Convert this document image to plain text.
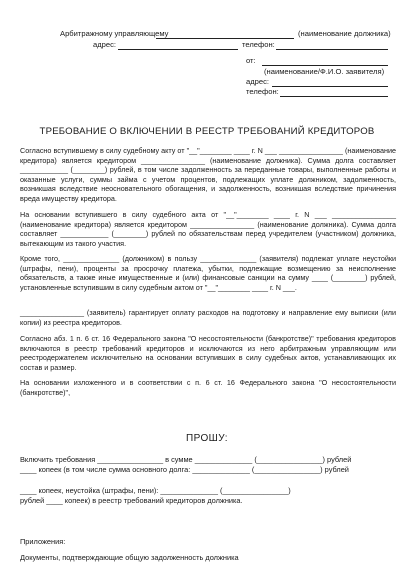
Арбитражному управляющему	(наименование должника)
адрес:	телефон:
от:
(наименование/Ф.И.О. заявителя)
адрес:
телефон:
ТРЕБОВАНИЕ О ВКЛЮЧЕНИИ В РЕЕСТР ТРЕБОВАНИЙ КРЕДИТОРОВ
Согласно вступившему в силу судебному акту от "__"________ ____ г. N ___ ________________ (наименование кредитора) является кредитором ________________ (наименование должника). Сумма долга составляет ____________ (________) рублей, в том числе задолженность за переданные товары, выполненные работы и оказанные услуги, суммы займа с учетом процентов, подлежащих уплате должником, задолженность, возникшая вследствие неосновательного обогащения, и задолженность, возникшая вследствие причинения вреда имуществу кредитора.
На основании вступившего в силу судебного акта от "__"________ ____ г. N ___ ________________ (наименование кредитора) является кредитором ________________ (наименование должника). Сумма долга составляет ____________ (________) рублей по обязательствам перед учредителем (участником) должника, вытекающим из такого участия.
Кроме того, ______________ (должником) в пользу ______________ (заявителя) подлежат уплате неустойки (штрафы, пени), проценты за просрочку платежа, убытки, подлежащие возмещению за неисполнение обязательств, а также иные имущественные и (или) финансовые санкции на сумму ____ (________) рублей, установленные вступившим в силу судебным актом от "__"________ ____ г. N ___.
________________ (заявитель) гарантирует оплату расходов на подготовку и направление ему выписки (или копии) из реестра кредиторов.
Согласно абз. 1 п. 6 ст. 16 Федерального закона "О несостоятельности (банкротстве)" требования кредиторов включаются в реестр требований кредиторов и исключаются из него арбитражным управляющим или реестродержателем исключительно на основании вступивших в силу судебных актов, устанавливающих их состав и размер.
На основании изложенного и в соответствии с п. 6 ст. 16 Федерального закона "О несостоятельности (банкротстве)",
ПРОШУ:
Включить требования ________________ в сумме ______________ (________________) рублей
____ копеек (в том числе сумма основного долга: ______________ (________________) рублей
____ копеек, неустойка (штрафы, пени): ______________ (________________)
рублей ____ копеек) в реестр требований кредиторов должника.
Приложения:
Документы, подтверждающие общую задолженность должника
